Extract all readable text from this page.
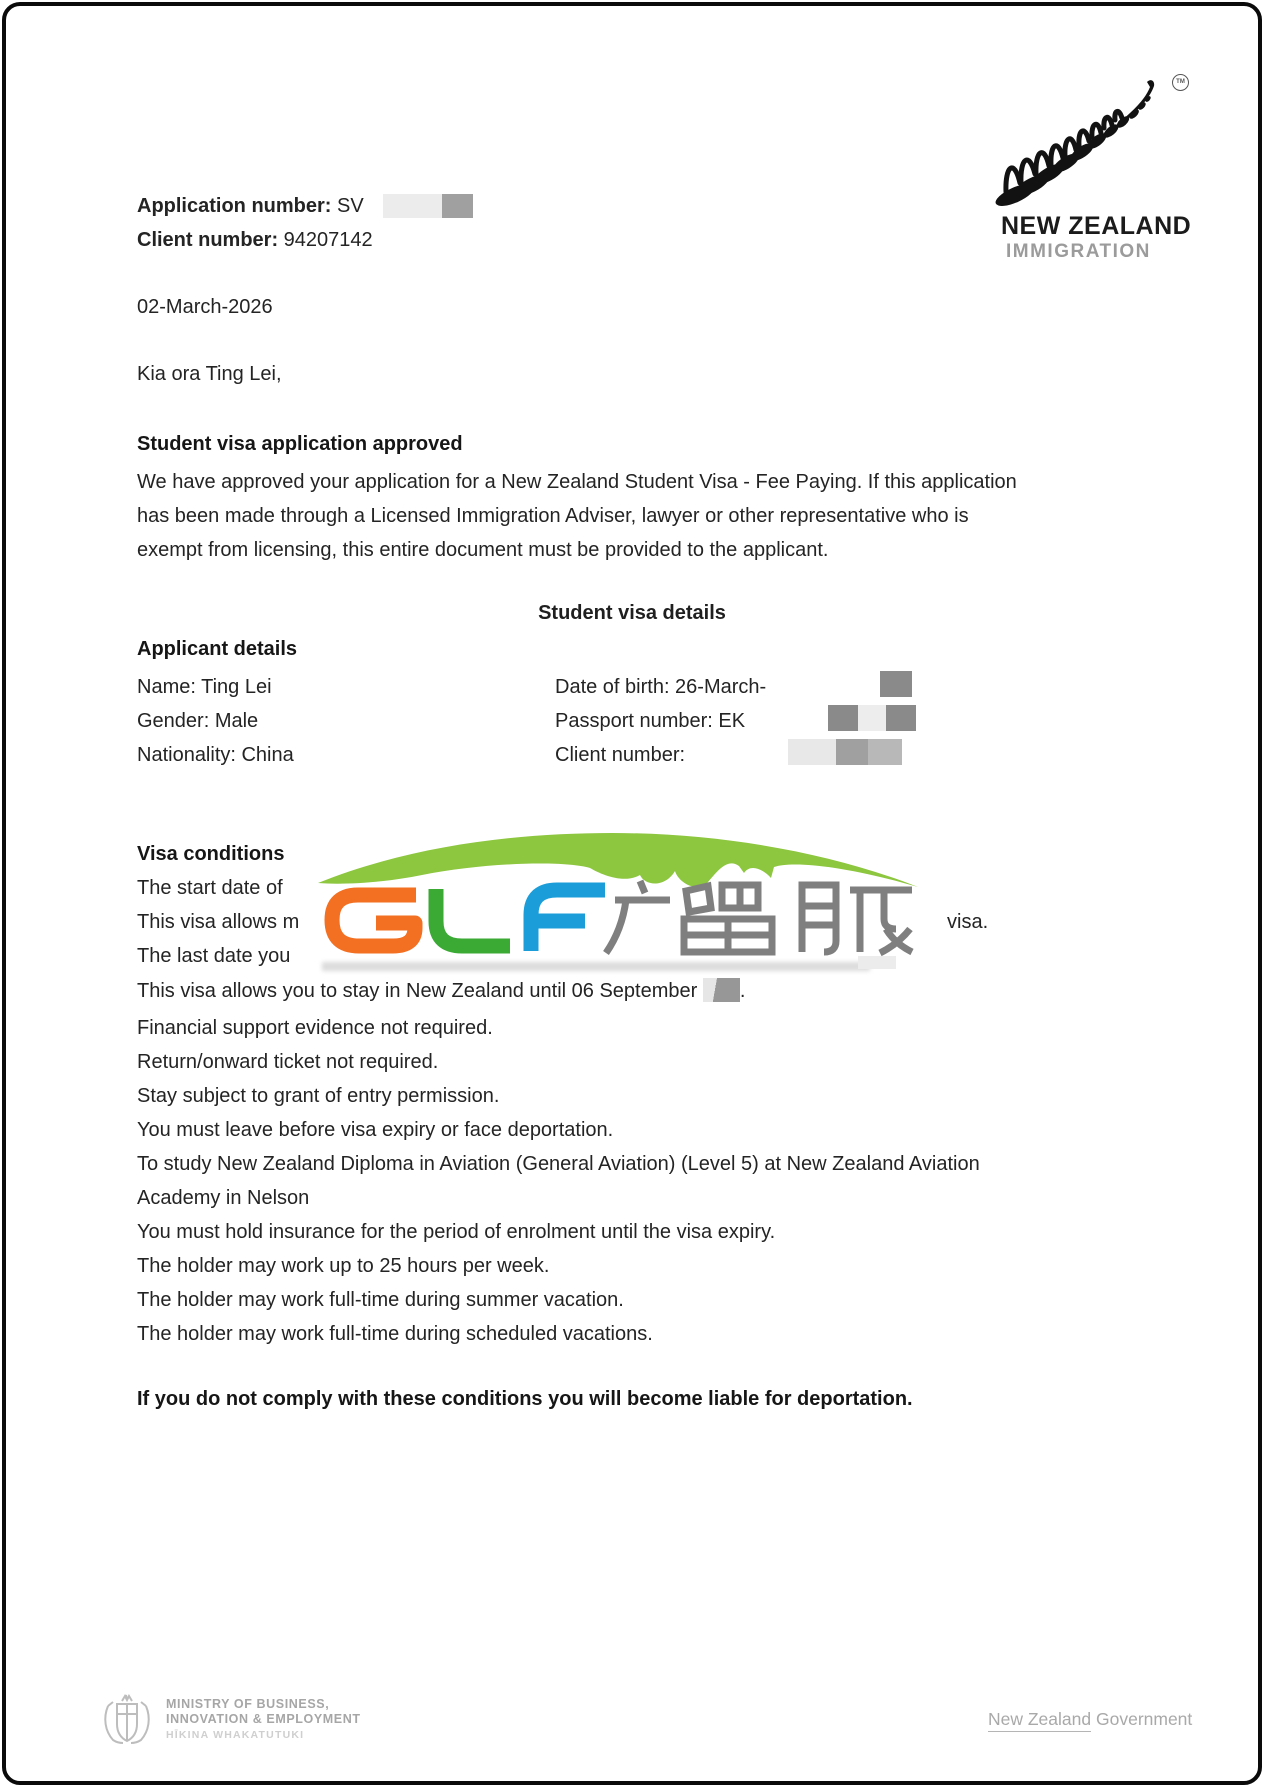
Application number: SV
Client number: 94207142
02-March-2026
TM
NEW ZEALAND
IMMIGRATION
Kia ora Ting Lei,
Student visa application approved
We have approved your application for a New Zealand Student Visa - Fee Paying. If this application
has been made through a Licensed Immigration Adviser, lawyer or other representative who is
exempt from licensing, this entire document must be provided to the applicant.
Student visa details
Applicant details
Name: Ting Lei
Gender: Male
Nationality: China
Date of birth: 26-March-
Passport number: EK
Client number:
Visa conditions
The start date of
This visa allows m	visa.
The last date you
This visa allows you to stay in New Zealand until 06 September .
Financial support evidence not required.
Return/onward ticket not required.
Stay subject to grant of entry permission.
You must leave before visa expiry or face deportation.
To study New Zealand Diploma in Aviation (General Aviation) (Level 5) at New Zealand Aviation
Academy in Nelson
You must hold insurance for the period of enrolment until the visa expiry.
The holder may work up to 25 hours per week.
The holder may work full-time during summer vacation.
The holder may work full-time during scheduled vacations.
If you do not comply with these conditions you will become liable for deportation.
MINISTRY OF BUSINESS,
INNOVATION & EMPLOYMENT
HĪKINA WHAKATUTUKI
New Zealand Government
